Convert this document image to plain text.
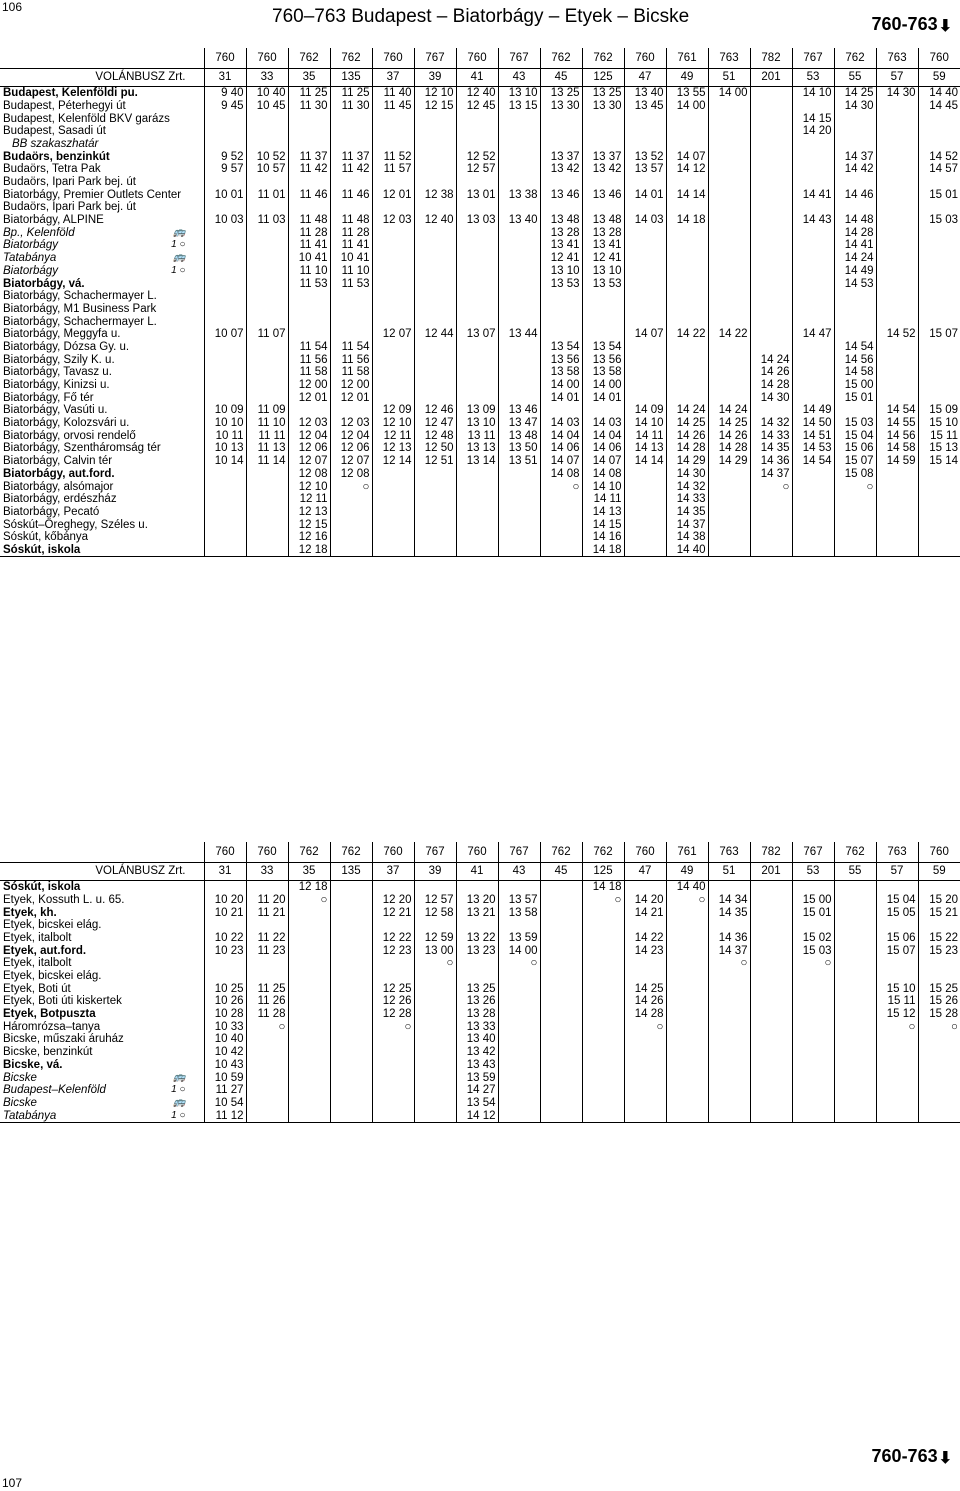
106	760–763 Budapest – Biatorbágy – Etyek – Bicske	760-763⬇
	760	760	762	762	760	767	760	767	762	762	760	761	763	782	767	762	763	760
VOLÁNBUSZ Zrt.	31	33	35	135	37	39	41	43	45	125	47	49	51	201	53	55	57	59
Budapest, Kelenföldi pu.	9 40	10 40	11 25	11 25	11 40	12 10	12 40	13 10	13 25	13 25	13 40	13 55	14 00		14 10	14 25	14 30	14 40
Budapest, Péterhegyi út	9 45	10 45	11 30	11 30	11 45	12 15	12 45	13 15	13 30	13 30	13 45	14 00				14 30		14 45
Budapest, Kelenföld BKV garázs															14 15			
Budapest, Sasadi út															14 20			
BB szakaszhatár																		
Budaörs, benzinkút	9 52	10 52	11 37	11 37	11 52		12 52		13 37	13 37	13 52	14 07				14 37		14 52
Budaörs, Tetra Pak	9 57	10 57	11 42	11 42	11 57		12 57		13 42	13 42	13 57	14 12				14 42		14 57
Budaörs, Ipari Park bej. út																		
Biatorbágy, Premier Outlets Center	10 01	11 01	11 46	11 46	12 01	12 38	13 01	13 38	13 46	13 46	14 01	14 14			14 41	14 46		15 01
Budaörs, Ipari Park bej. út																		
Biatorbágy, ALPINE	10 03	11 03	11 48	11 48	12 03	12 40	13 03	13 40	13 48	13 48	14 03	14 18			14 43	14 48		15 03
Bp., Kelenföld 🚌			11 28	11 28					13 28	13 28						14 28		
Biatorbágy 1 ○			11 41	11 41					13 41	13 41						14 41		
Tatabánya 🚌			10 41	10 41					12 41	12 41						14 24		
Biatorbágy 1 ○			11 10	11 10					13 10	13 10						14 49		
Biatorbágy, vá.			11 53	11 53					13 53	13 53						14 53		
Biatorbágy, Schachermayer L.																		
Biatorbágy, M1 Business Park																		
Biatorbágy, Schachermayer L.																		
Biatorbágy, Meggyfa u.	10 07	11 07			12 07	12 44	13 07	13 44			14 07	14 22	14 22		14 47		14 52	15 07
Biatorbágy, Dózsa Gy. u.			11 54	11 54					13 54	13 54						14 54		
Biatorbágy, Szily K. u.			11 56	11 56					13 56	13 56				14 24		14 56		
Biatorbágy, Tavasz u.			11 58	11 58					13 58	13 58				14 26		14 58		
Biatorbágy, Kinizsi u.			12 00	12 00					14 00	14 00				14 28		15 00		
Biatorbágy, Fő tér			12 01	12 01					14 01	14 01				14 30		15 01		
Biatorbágy, Vasúti u.	10 09	11 09			12 09	12 46	13 09	13 46			14 09	14 24	14 24		14 49		14 54	15 09
Biatorbágy, Kolozsvári u.	10 10	11 10	12 03	12 03	12 10	12 47	13 10	13 47	14 03	14 03	14 10	14 25	14 25	14 32	14 50	15 03	14 55	15 10
Biatorbágy, orvosi rendelő	10 11	11 11	12 04	12 04	12 11	12 48	13 11	13 48	14 04	14 04	14 11	14 26	14 26	14 33	14 51	15 04	14 56	15 11
Biatorbágy, Szentháromság tér	10 13	11 13	12 06	12 06	12 13	12 50	13 13	13 50	14 06	14 06	14 13	14 28	14 28	14 35	14 53	15 06	14 58	15 13
Biatorbágy, Calvin tér	10 14	11 14	12 07	12 07	12 14	12 51	13 14	13 51	14 07	14 07	14 14	14 29	14 29	14 36	14 54	15 07	14 59	15 14
Biatorbágy, aut.ford.			12 08	12 08					14 08	14 08		14 30		14 37		15 08		
Biatorbágy, alsómajor			12 10	○					○	14 10		14 32		○		○		
Biatorbágy, erdészház			12 11							14 11		14 33						
Biatorbágy, Pecató			12 13							14 13		14 35						
Sóskút–Őreghegy, Széles u.			12 15							14 15		14 37						
Sóskút, kőbánya			12 16							14 16		14 38						
Sóskút, iskola			12 18							14 18		14 40						
	760	760	762	762	760	767	760	767	762	762	760	761	763	782	767	762	763	760
VOLÁNBUSZ Zrt.	31	33	35	135	37	39	41	43	45	125	47	49	51	201	53	55	57	59
Sóskút, iskola			12 18							14 18		14 40						
Etyek, Kossuth L. u. 65.	10 20	11 20	○		12 20	12 57	13 20	13 57		○	14 20	○	14 34		15 00		15 04	15 20
Etyek, kh.	10 21	11 21			12 21	12 58	13 21	13 58			14 21		14 35		15 01		15 05	15 21
Etyek, bicskei elág.																		
Etyek, italbolt	10 22	11 22			12 22	12 59	13 22	13 59			14 22		14 36		15 02		15 06	15 22
Etyek, aut.ford.	10 23	11 23			12 23	13 00	13 23	14 00			14 23		14 37		15 03		15 07	15 23
Etyek, italbolt						○		○					○		○			
Etyek, bicskei elág.																		
Etyek, Boti út	10 25	11 25			12 25		13 25				14 25						15 10	15 25
Etyek, Boti úti kiskertek	10 26	11 26			12 26		13 26				14 26						15 11	15 26
Etyek, Botpuszta	10 28	11 28			12 28		13 28				14 28						15 12	15 28
Háromrózsa–tanya	10 33	○			○		13 33				○						○	○
Bicske, műszaki áruház	10 40						13 40											
Bicske, benzinkút	10 42						13 42											
Bicske, vá.	10 43						13 43											
Bicske 🚌	10 59						13 59											
Budapest–Kelenföld 1 ○	11 27						14 27											
Bicske 🚌	10 54						13 54											
Tatabánya 1 ○	11 12						14 12											
760-763⬇
107
